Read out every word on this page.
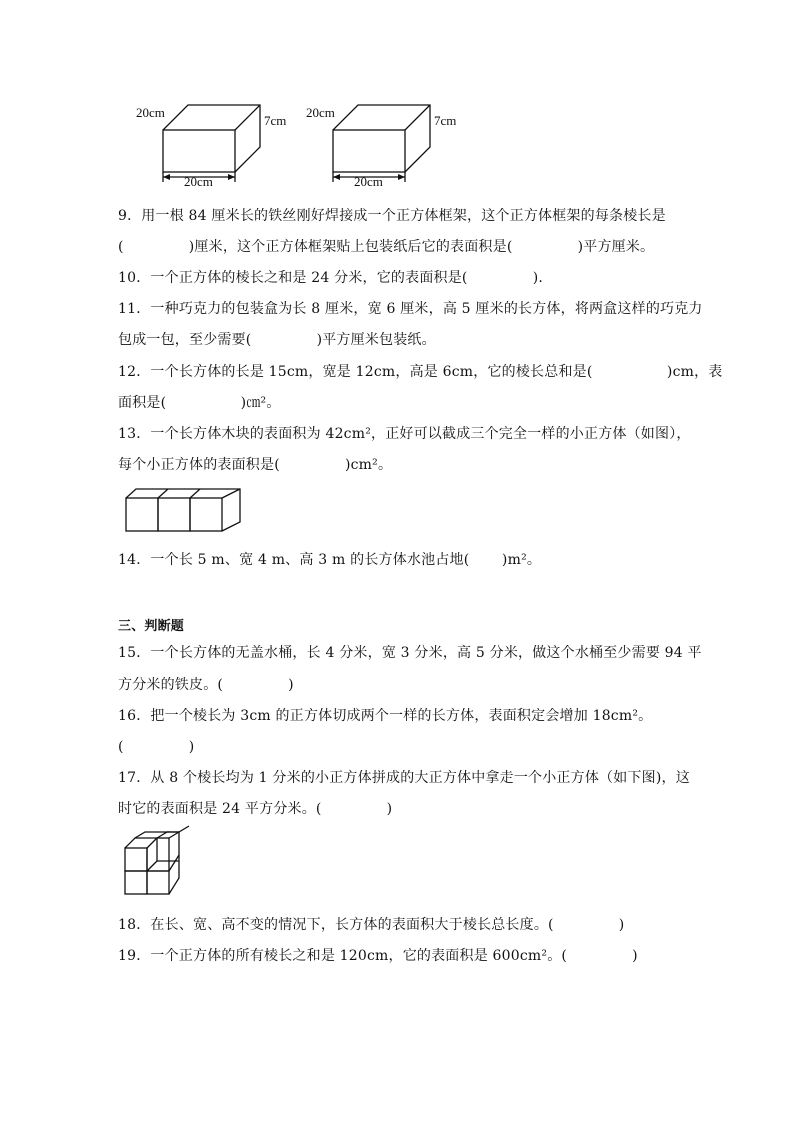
20cm
7cm
20cm
20cm
7cm
20cm

9．用一根 84 厘米长的铁丝刚好焊接成一个正方体框架，这个正方体框架的每条棱长是

(              )厘米，这个正方体框架贴上包装纸后它的表面积是(              )平方厘米。

10．一个正方体的棱长之和是 24 分米，它的表面积是(              ).

11．一种巧克力的包装盒为长 8 厘米，宽 6 厘米，高 5 厘米的长方体，将两盒这样的巧克力

包成一包，至少需要(              )平方厘米包装纸。

12．一个长方体的长是 15cm，宽是 12cm，高是 6cm，它的棱长总和是(                )cm，表

面积是(                )㎝²。

13．一个长方体木块的表面积为 42cm²，正好可以截成三个完全一样的小正方体（如图），

每个小正方体的表面积是(              )cm²。

14．一个长 5 m、宽 4 m、高 3 m 的长方体水池占地(       )m²。

三、判断题

15．一个长方体的无盖水桶，长 4 分米，宽 3 分米，高 5 分米，做这个水桶至少需要 94 平

方分米的铁皮。(              )

16．把一个棱长为 3cm 的正方体切成两个一样的长方体，表面积定会增加 18cm²。

(              )

17．从 8 个棱长均为 1 分米的小正方体拼成的大正方体中拿走一个小正方体（如下图)，这

时它的表面积是 24 平方分米。(              )

18．在长、宽、高不变的情况下，长方体的表面积大于棱长总长度。(              )

19．一个正方体的所有棱长之和是 120cm，它的表面积是 600cm²。(              )
